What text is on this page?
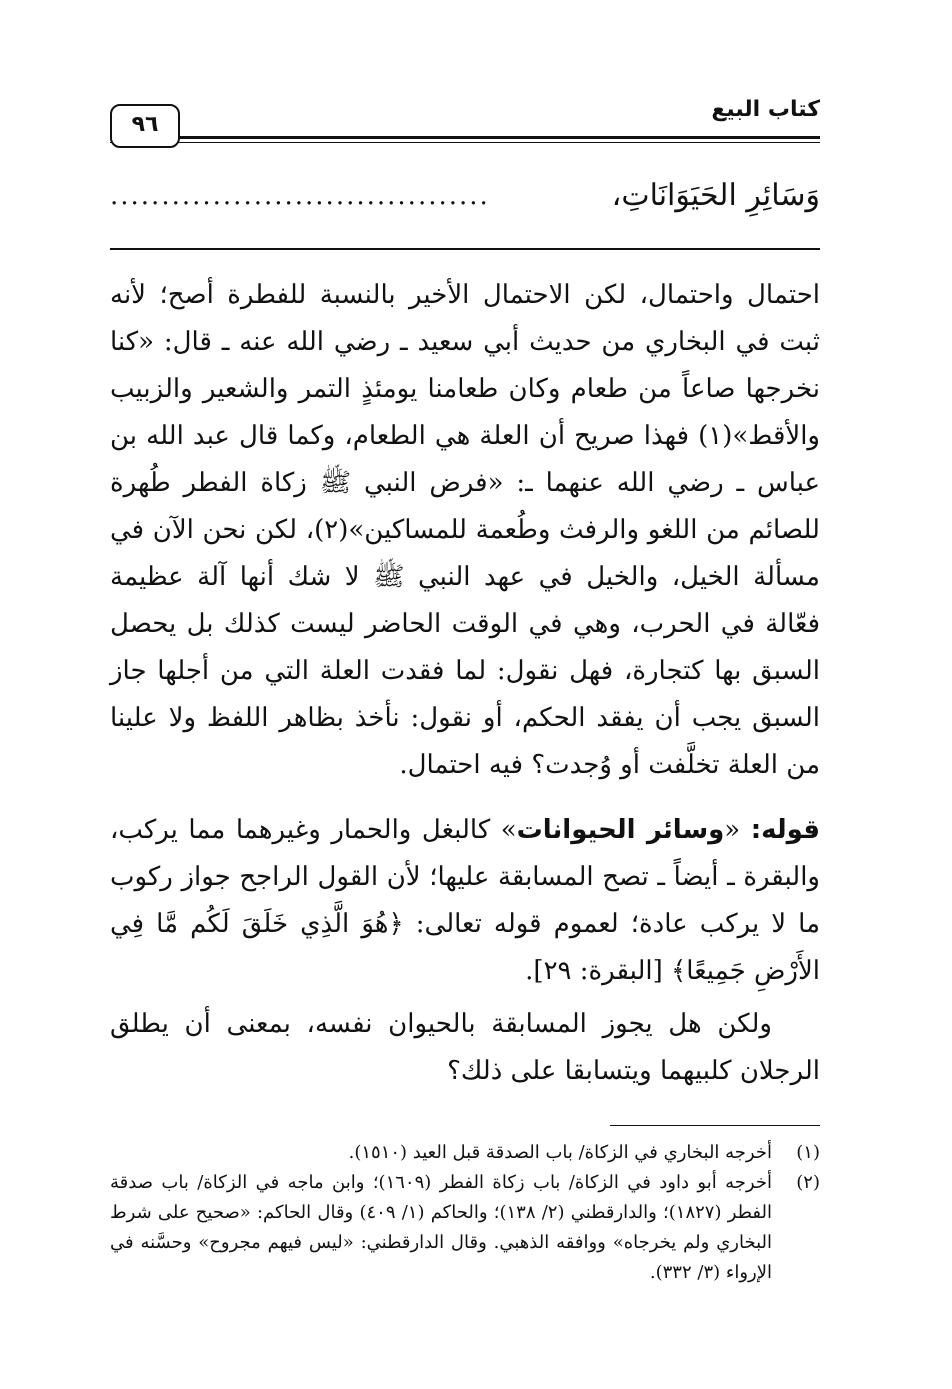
كتاب البيع
٩٦
وَسَائِرِ الحَيَوَانَاتِ،
.....................................

احتمال واحتمال، لكن الاحتمال الأخير بالنسبة للفطرة أصح؛ لأنه ثبت في البخاري من حديث أبي سعيد ـ رضي الله عنه ـ قال: «كنا نخرجها صاعاً من طعام وكان طعامنا يومئذٍ التمر والشعير والزبيب والأقط»(١) فهذا صريح أن العلة هي الطعام، وكما قال عبد الله بن عباس ـ رضي الله عنهما ـ: «فرض النبي ﷺ زكاة الفطر طُهرة للصائم من اللغو والرفث وطُعمة للمساكين»(٢)، لكن نحن الآن في مسألة الخيل، والخيل في عهد النبي ﷺ لا شك أنها آلة عظيمة فعّالة في الحرب، وهي في الوقت الحاضر ليست كذلك بل يحصل السبق بها كتجارة، فهل نقول: لما فقدت العلة التي من أجلها جاز السبق يجب أن يفقد الحكم، أو نقول: نأخذ بظاهر اللفظ ولا علينا من العلة تخلَّفت أو وُجدت؟ فيه احتمال.

قوله: «وسائر الحيوانات» كالبغل والحمار وغيرهما مما يركب، والبقرة ـ أيضاً ـ تصح المسابقة عليها؛ لأن القول الراجح جواز ركوب ما لا يركب عادة؛ لعموم قوله تعالى: ﴿هُوَ الَّذِي خَلَقَ لَكُم مَّا فِي الأَرْضِ جَمِيعًا﴾ [البقرة: ٢٩].

ولكن هل يجوز المسابقة بالحيوان نفسه، بمعنى أن يطلق الرجلان كلبيهما ويتسابقا على ذلك؟

(١)
أخرجه البخاري في الزكاة/ باب الصدقة قبل العيد (١٥١٠).
(٢)
أخرجه أبو داود في الزكاة/ باب زكاة الفطر (١٦٠٩)؛ وابن ماجه في الزكاة/ باب صدقة الفطر (١٨٢٧)؛ والدارقطني (٢/ ١٣٨)؛ والحاكم (١/ ٤٠٩) وقال الحاكم: «صحيح على شرط البخاري ولم يخرجاه» ووافقه الذهبي. وقال الدارقطني: «ليس فيهم مجروح» وحسَّنه في الإرواء (٣/ ٣٣٢).
